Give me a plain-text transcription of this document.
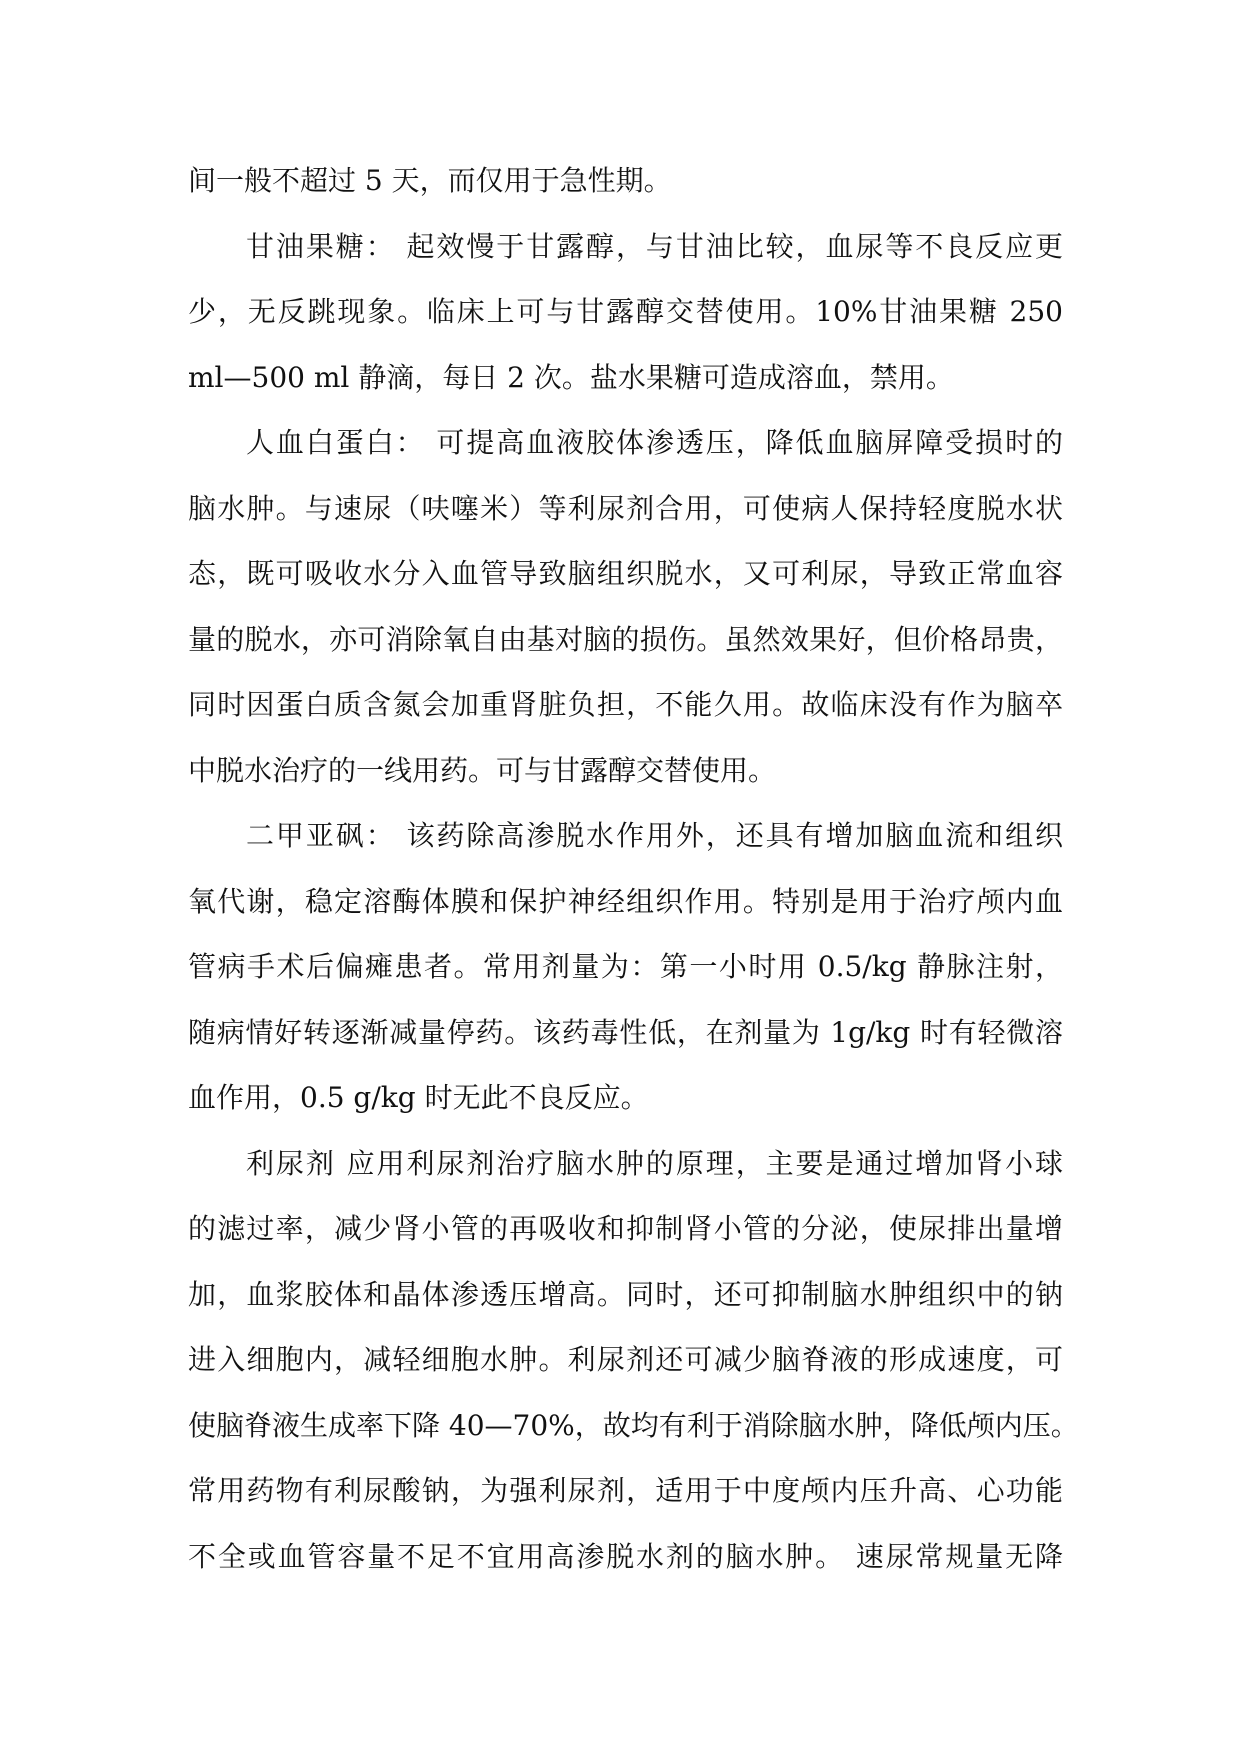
间一般不超过 5 天，而仅用于急性期。
甘油果糖： 起效慢于甘露醇，与甘油比较，血尿等不良反应更
少，无反跳现象。临床上可与甘露醇交替使用。10%甘油果糖 250
ml—500 ml 静滴，每日 2 次。盐水果糖可造成溶血，禁用。
人血白蛋白： 可提高血液胶体渗透压，降低血脑屏障受损时的
脑水肿。与速尿（呋噻米）等利尿剂合用，可使病人保持轻度脱水状
态，既可吸收水分入血管导致脑组织脱水，又可利尿，导致正常血容
量的脱水，亦可消除氧自由基对脑的损伤。虽然效果好，但价格昂贵，
同时因蛋白质含氮会加重肾脏负担，不能久用。故临床没有作为脑卒
中脱水治疗的一线用药。可与甘露醇交替使用。
二甲亚砜： 该药除高渗脱水作用外，还具有增加脑血流和组织
氧代谢，稳定溶酶体膜和保护神经组织作用。特别是用于治疗颅内血
管病手术后偏瘫患者。常用剂量为：第一小时用 0.5/kg 静脉注射，
随病情好转逐渐减量停药。该药毒性低，在剂量为 1g/kg 时有轻微溶
血作用，0.5 g/kg 时无此不良反应。
利尿剂 应用利尿剂治疗脑水肿的原理，主要是通过增加肾小球
的滤过率，减少肾小管的再吸收和抑制肾小管的分泌，使尿排出量增
加，血浆胶体和晶体渗透压增高。同时，还可抑制脑水肿组织中的钠
进入细胞内，减轻细胞水肿。利尿剂还可减少脑脊液的形成速度，可
使脑脊液生成率下降 40—70%，故均有利于消除脑水肿，降低颅内压。
常用药物有利尿酸钠，为强利尿剂，适用于中度颅内压升高、心功能
不全或血管容量不足不宜用高渗脱水剂的脑水肿。 速尿常规量无降
